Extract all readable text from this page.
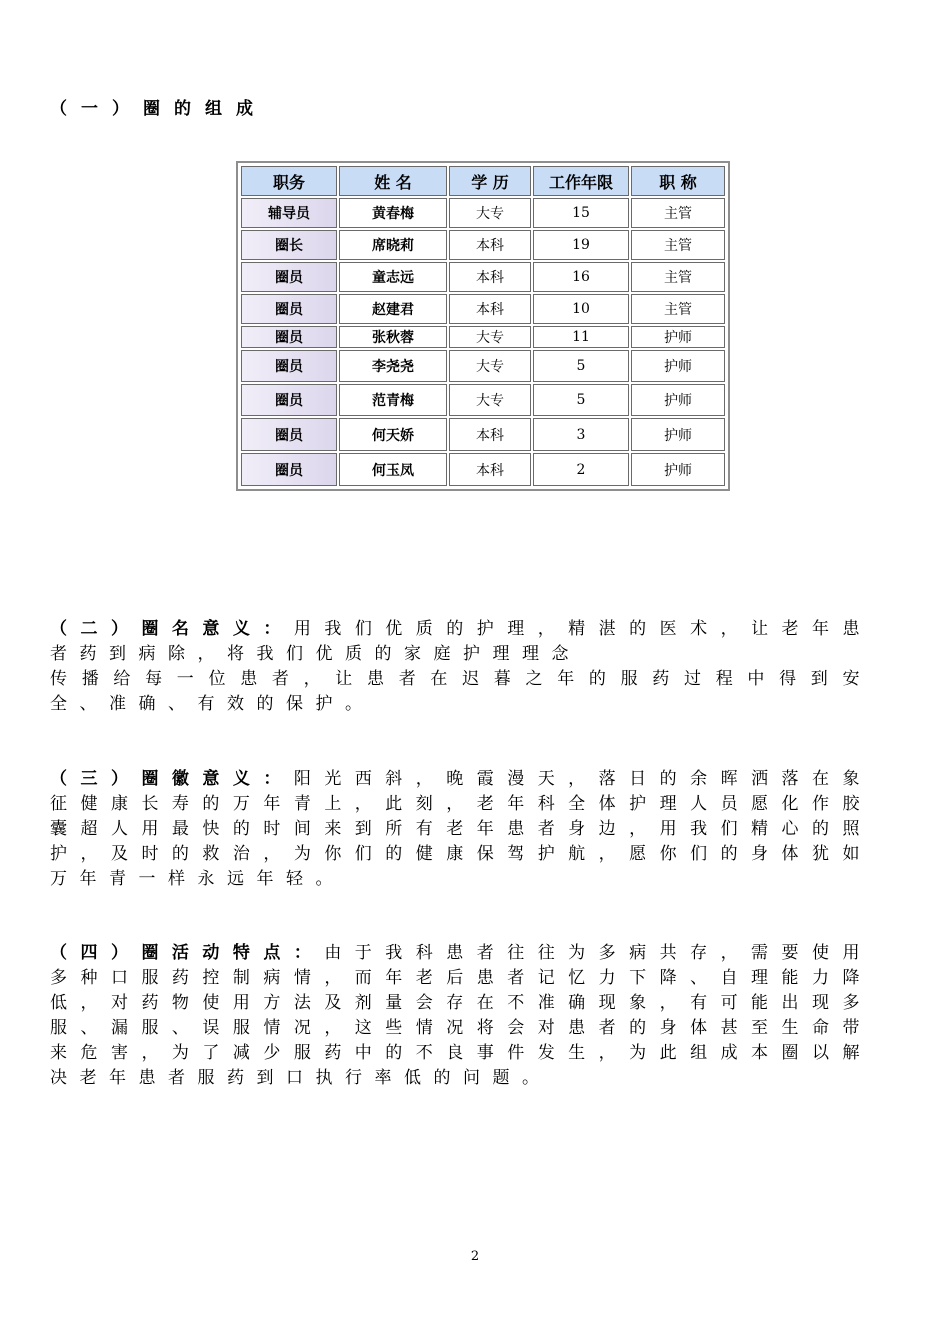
（一）圈的组成
职务	姓 名	学 历	工作年限	职 称
辅导员	黄春梅	大专	15	主管
圈长	席晓莉	本科	19	主管
圈员	童志远	本科	16	主管
圈员	赵建君	本科	10	主管
圈员	张秋蓉	大专	11	护师
圈员	李尧尧	大专	5	护师
圈员	范青梅	大专	5	护师
圈员	何天娇	本科	3	护师
圈员	何玉凤	本科	2	护师
（二）圈名意义：用我们优质的护理，精湛的医术，让老年患者药到病除，将我们优质的家庭护理理念
传播给每一位患者，让患者在迟暮之年的服药过程中得到安全、准确、有效的保护。
（三）圈徽意义：阳光西斜，晚霞漫天，落日的余晖洒落在象征健康长寿的万年青上，此刻，老年科全体护理人员愿化作胶囊超人用最快的时间来到所有老年患者身边，用我们精心的照护，及时的救治，为你们的健康保驾护航，愿你们的身体犹如万年青一样永远年轻。
（四）圈活动特点：由于我科患者往往为多病共存，需要使用多种口服药控制病情，而年老后患者记忆力下降、自理能力降低，对药物使用方法及剂量会存在不准确现象，有可能出现多服、漏服、误服情况，这些情况将会对患者的身体甚至生命带来危害，为了减少服药中的不良事件发生，为此组成本圈以解决老年患者服药到口执行率低的问题。
2
